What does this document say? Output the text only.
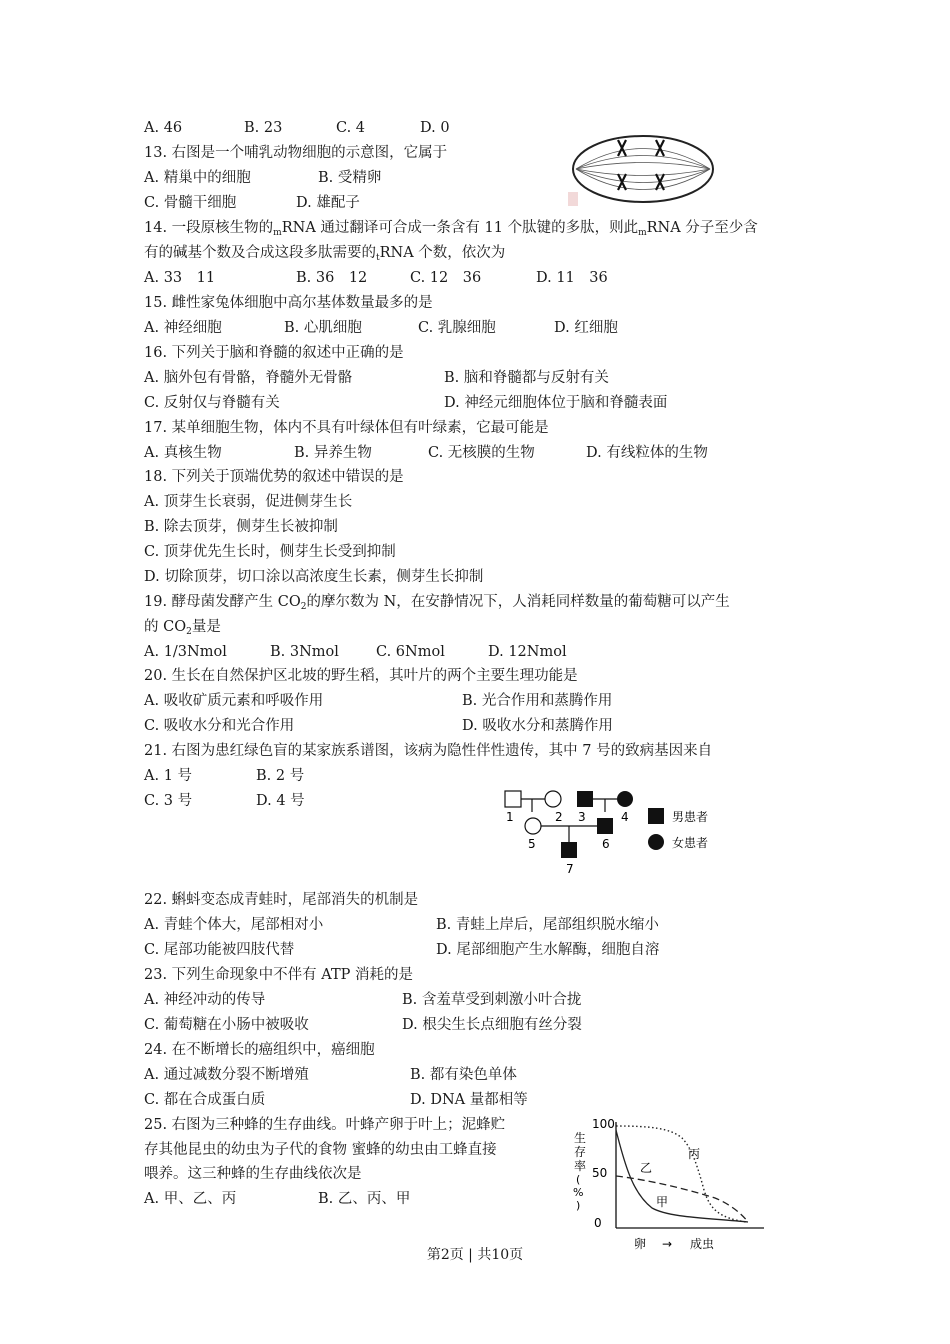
A. 46	B. 23	C. 4	D. 0
13. 右图是一个哺乳动物细胞的示意图，它属于
A. 精巢中的细胞	B. 受精卵
C. 骨髓干细胞	D. 雄配子
14. 一段原核生物的$_m$RNA 通过翻译可合成一条含有 11 个肽键的多肽，则此$_m$RNA 分子至少含
有的碱基个数及合成这段多肽需要的$_t$RNA 个数，依次为
A. 33　11	B. 36　12	C. 12　36	D. 11　36
15. 雌性家兔体细胞中高尔基体数量最多的是
A. 神经细胞	B. 心肌细胞	C. 乳腺细胞	D. 红细胞
16. 下列关于脑和脊髓的叙述中正确的是
A. 脑外包有骨骼，脊髓外无骨骼	B. 脑和脊髓都与反射有关
C. 反射仅与脊髓有关	D. 神经元细胞体位于脑和脊髓表面
17. 某单细胞生物，体内不具有叶绿体但有叶绿素，它最可能是
A. 真核生物	B. 异养生物	C. 无核膜的生物	D. 有线粒体的生物
18. 下列关于顶端优势的叙述中错误的是
A. 顶芽生长衰弱，促进侧芽生长
B. 除去顶芽，侧芽生长被抑制
C. 顶芽优先生长时，侧芽生长受到抑制
D. 切除顶芽，切口涂以高浓度生长素，侧芽生长抑制
19. 酵母菌发酵产生 $CO_2$的摩尔数为 N，在安静情况下，人消耗同样数量的葡萄糖可以产生
的 $CO_2$量是
A. 1/3Nmol	B. 3Nmol	C. 6Nmol	D. 12Nmol
20. 生长在自然保护区北坡的野生稻，其叶片的两个主要生理功能是
A. 吸收矿质元素和呼吸作用	B. 光合作用和蒸腾作用
C. 吸收水分和光合作用	D. 吸收水分和蒸腾作用
21. 右图为患红绿色盲的某家族系谱图，该病为隐性伴性遗传，其中 7 号的致病基因来自
A. 1 号	B. 2 号
C. 3 号	D. 4 号
1	2 3	4
5	6
7
男患者
女患者
22. 蝌蚪变态成青蛙时，尾部消失的机制是
A. 青蛙个体大，尾部相对小	B. 青蛙上岸后，尾部组织脱水缩小
C. 尾部功能被四肢代替	D. 尾部细胞产生水解酶，细胞自溶
23. 下列生命现象中不伴有 ATP 消耗的是
A. 神经冲动的传导	B. 含羞草受到刺激小叶合拢
C. 葡萄糖在小肠中被吸收	D. 根尖生长点细胞有丝分裂
24. 在不断增长的癌组织中，癌细胞
A. 通过减数分裂不断增殖	B. 都有染色单体
C. 都在合成蛋白质	D. DNA 量都相等
25. 右图为三种蜂的生存曲线。叶蜂产卵于叶上；泥蜂贮
存其他昆虫的幼虫为子代的食物 蜜蜂的幼虫由工蜂直接
喂养。这三种蜂的生存曲线依次是
A. 甲、乙、丙	B. 乙、丙、甲
100
50
0
生
存
率
(
%
)
丙
乙
甲
卵 → 成虫
第2页 | 共10页
